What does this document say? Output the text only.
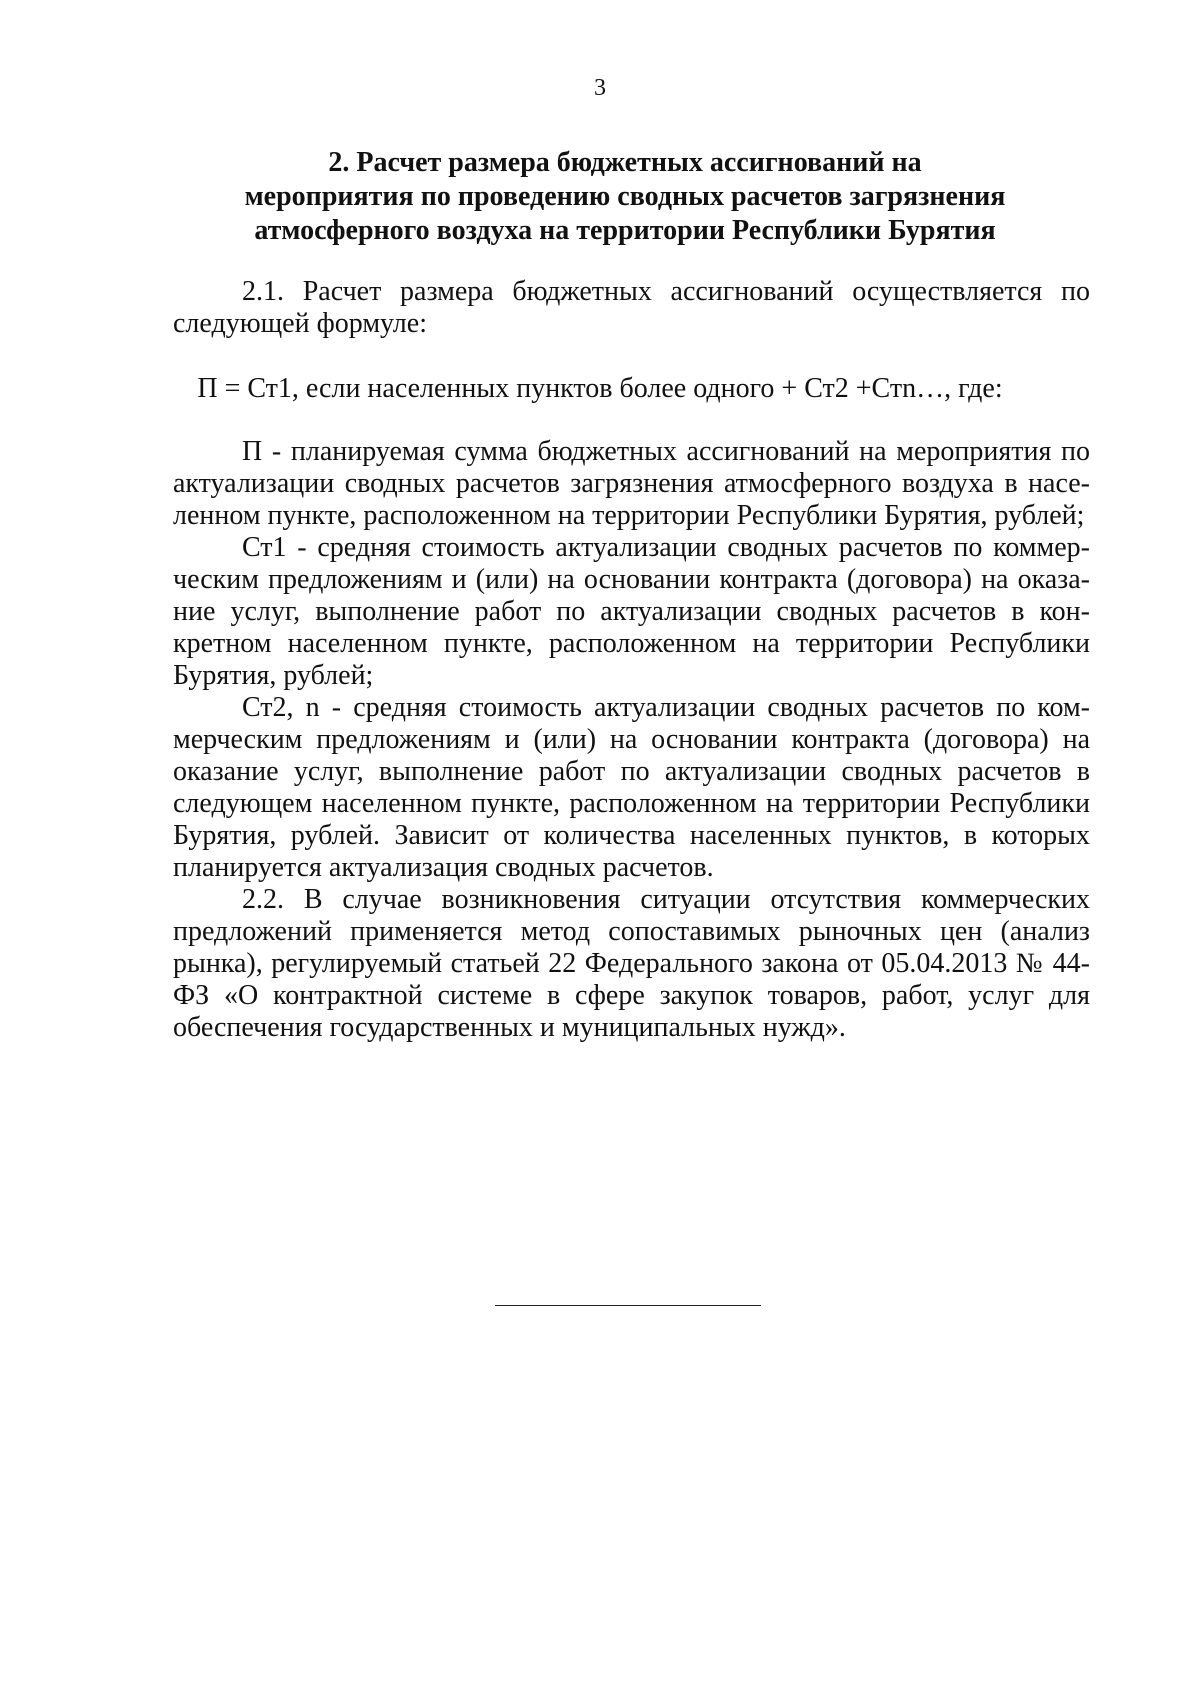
3
2. Расчет размера бюджетных ассигнований на
мероприятия по проведению сводных расчетов загрязнения
атмосферного воздуха на территории Республики Бурятия

2.1. Расчет размера бюджетных ассигнований осуществляется по следующей формуле:

П = Ст1, если населенных пунктов более одного + Ст2 +Стn…, где:

П - планируемая сумма бюджетных ассигнований на мероприятия по актуализации сводных расчетов загрязнения атмосферного воздуха в населенном пункте, расположенном на территории Республики Бурятия, рублей;

Ст1 - средняя стоимость актуализации сводных расчетов по коммерческим предложениям и (или) на основании контракта (договора) на оказание услуг, выполнение работ по актуализации сводных расчетов в конкретном населенном пункте, расположенном на территории Республики Бурятия, рублей;

Ст2, n - средняя стоимость актуализации сводных расчетов по коммерческим предложениям и (или) на основании контракта (договора) на оказание услуг, выполнение работ по актуализации сводных расчетов в следующем населенном пункте, расположенном на территории Республики Бурятия, рублей. Зависит от количества населенных пунктов, в которых планируется актуализация сводных расчетов.

2.2. В случае возникновения ситуации отсутствия коммерческих предложений применяется метод сопоставимых рыночных цен (анализ рынка), регулируемый статьей 22 Федерального закона от 05.04.2013 № 44-ФЗ «О контрактной системе в сфере закупок товаров, работ, услуг для обеспечения государственных и муниципальных нужд».
